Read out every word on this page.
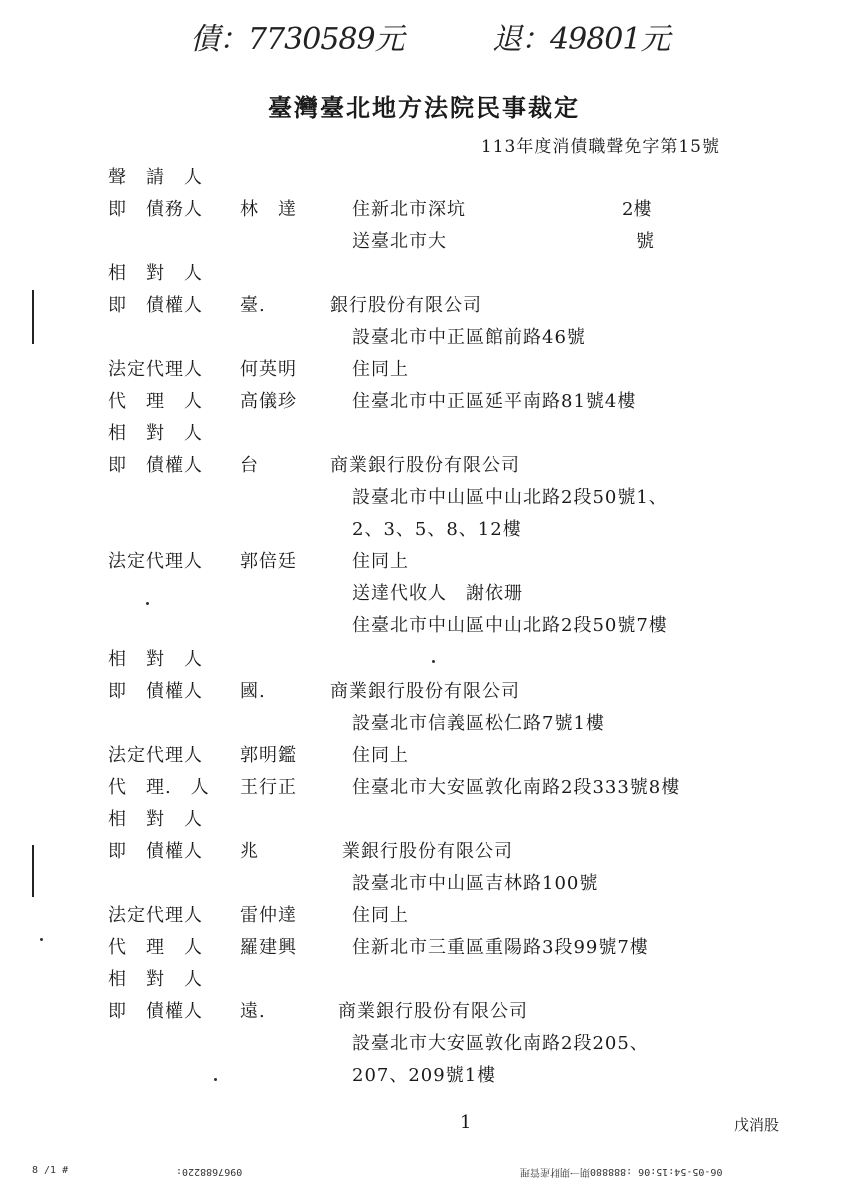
債：7730589元	退：49801元
臺灣臺北地方法院民事裁定
113年度消債職聲免字第15號
聲　請　人
即　債務人 林　達	住新北市深坑	2樓
送臺北市大	號
相　對　人
即　債權人 臺.	銀行股份有限公司
設臺北市中正區館前路46號
法定代理人 何英明	住同上
代　理　人 高儀珍	住臺北市中正區延平南路81號4樓
相　對　人
即　債權人 台	商業銀行股份有限公司
設臺北市中山區中山北路2段50號1、
2、3、5、8、12樓
法定代理人 郭倍廷	住同上
送達代收人　謝依珊
住臺北市中山區中山北路2段50號7樓
相　對　人
即　債權人 國.	商業銀行股份有限公司
設臺北市信義區松仁路7號1樓
法定代理人 郭明鑑	住同上
代　理.　人 王行正	住臺北市大安區敦化南路2段333號8樓
相　對　人
即　債權人 兆	業銀行股份有限公司
設臺北市中山區吉林路100號
法定代理人 雷仲達	住同上
代　理　人 羅建興	住新北市三重區重陽路3段99號7樓
相　對　人
即　債權人 遠.	商業銀行股份有限公司
設臺北市大安區敦化南路2段205、
207、209號1樓
1	戊消股
8 /1 #	0967688220:	06-05-54:15:06 :888880期一期財產管理
